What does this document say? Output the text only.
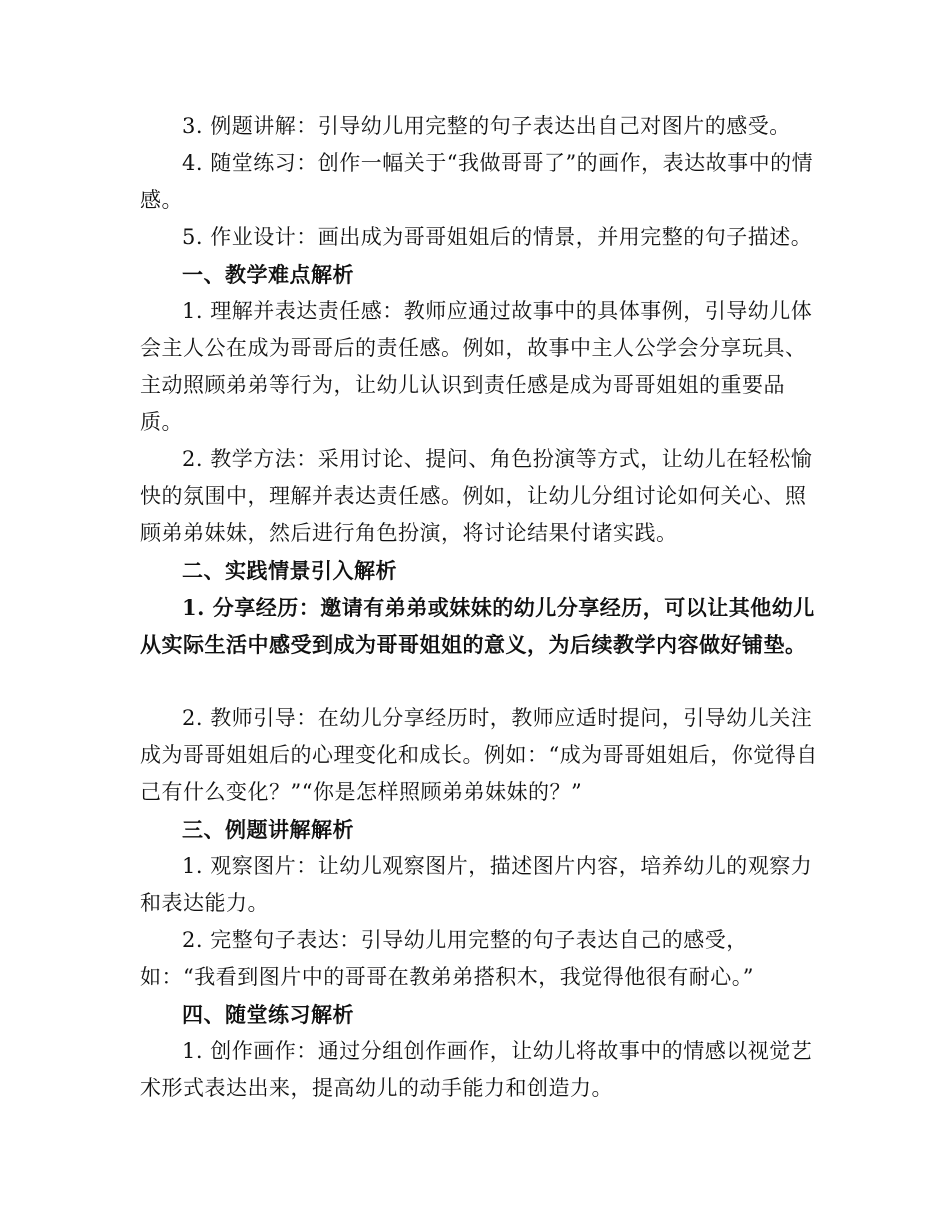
3. 例题讲解：引导幼儿用完整的句子表达出自己对图片的感受。

4. 随堂练习：创作一幅关于“我做哥哥了”的画作，表达故事中的情感。

5. 作业设计：画出成为哥哥姐姐后的情景，并用完整的句子描述。

一、教学难点解析

1. 理解并表达责任感：教师应通过故事中的具体事例，引导幼儿体会主人公在成为哥哥后的责任感。例如，故事中主人公学会分享玩具、主动照顾弟弟等行为，让幼儿认识到责任感是成为哥哥姐姐的重要品质。

2. 教学方法：采用讨论、提问、角色扮演等方式，让幼儿在轻松愉快的氛围中，理解并表达责任感。例如，让幼儿分组讨论如何关心、照顾弟弟妹妹，然后进行角色扮演，将讨论结果付诸实践。

二、实践情景引入解析

1. 分享经历：邀请有弟弟或妹妹的幼儿分享经历，可以让其他幼儿从实际生活中感受到成为哥哥姐姐的意义，为后续教学内容做好铺垫。

2. 教师引导：在幼儿分享经历时，教师应适时提问，引导幼儿关注成为哥哥姐姐后的心理变化和成长。例如：“成为哥哥姐姐后，你觉得自己有什么变化？”“你是怎样照顾弟弟妹妹的？”

三、例题讲解解析

1. 观察图片：让幼儿观察图片，描述图片内容，培养幼儿的观察力和表达能力。

2. 完整句子表达：引导幼儿用完整的句子表达自己的感受，如：“我看到图片中的哥哥在教弟弟搭积木，我觉得他很有耐心。”

四、随堂练习解析

1. 创作画作：通过分组创作画作，让幼儿将故事中的情感以视觉艺术形式表达出来，提高幼儿的动手能力和创造力。
